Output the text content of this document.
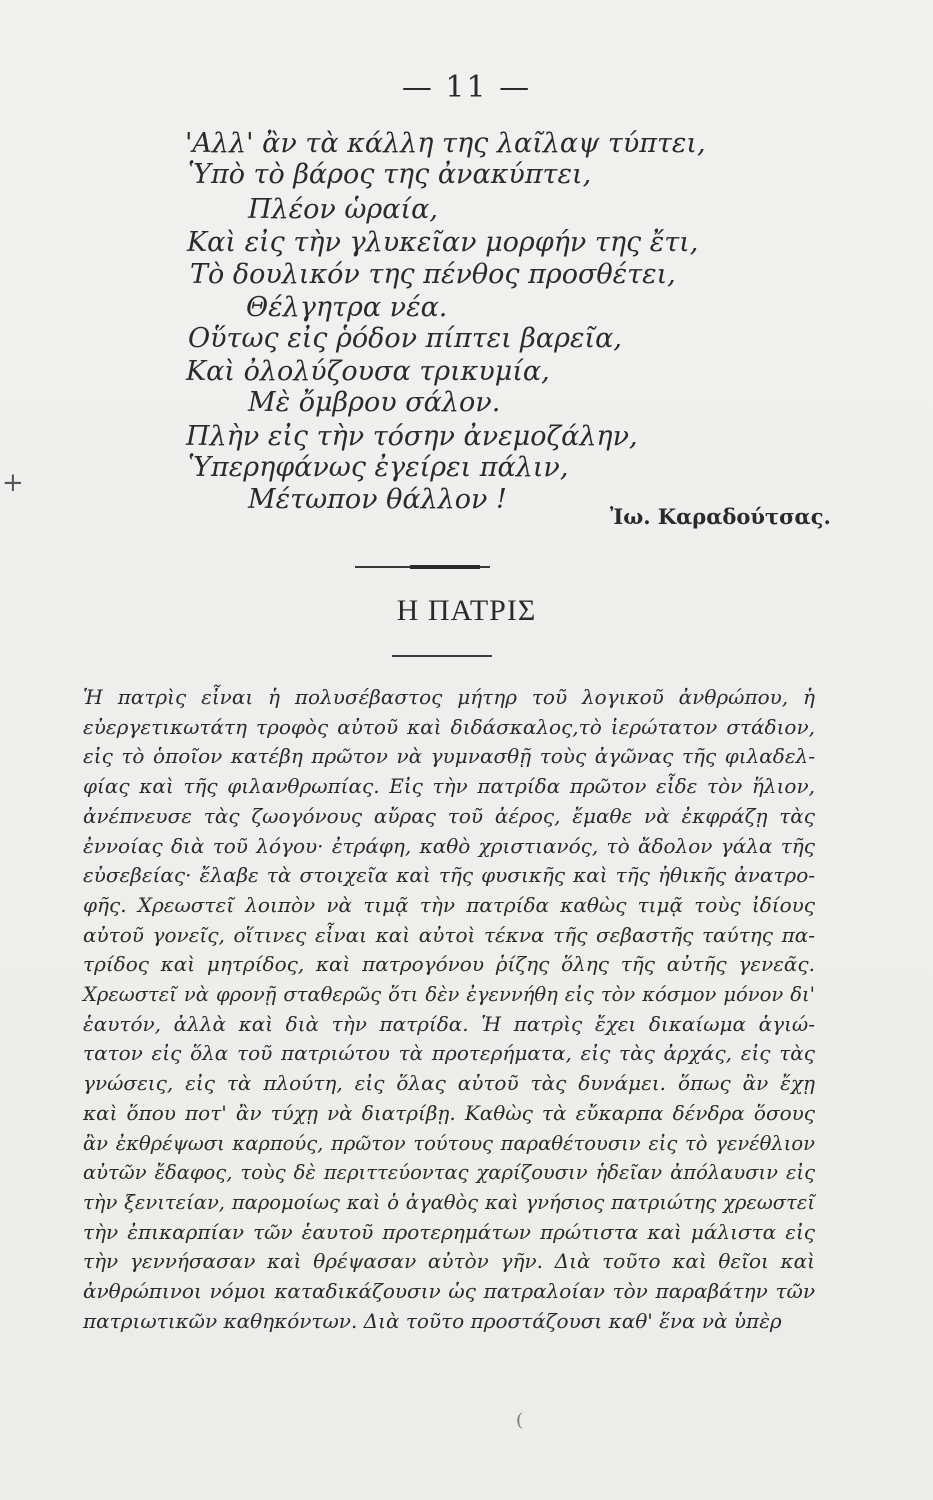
— 11 —
'Αλλ' ἂν τὰ κάλλη της λαῖλαψ τύπτει,
Ὑπὸ τὸ βάρος της ἀνακύπτει,
Πλέον ὡραία,
Καὶ εἰς τὴν γλυκεῖαν μορφήν της ἔτι,
Τὸ δουλικόν της πένθος προσθέτει,
Θέλγητρα νέα.
Οὕτως εἰς ῥόδον πίπτει βαρεῖα,
Καὶ ὀλολύζουσα τρικυμία,
Μὲ ὄμβρου σάλον.
Πλὴν εἰς τὴν τόσην ἀνεμοζάλην,
Ὑπερηφάνως ἐγείρει πάλιν,
Μέτωπον θάλλον !
+
Ἰω. Καραδούτσας.
Η ΠΑΤΡΙΣ
Ἡ πατρὶς εἶναι ἡ πολυσέβαστος μήτηρ τοῦ λογικοῦ ἀνθρώπου, ἡ
εὐεργετικωτάτη τροφὸς αὐτοῦ καὶ διδάσκαλος,τὸ ἱερώτατον στάδιον,
εἰς τὸ ὁποῖον κατέβη πρῶτον νὰ γυμνασθῇ τοὺς ἀγῶνας τῆς φιλαδελ-
φίας καὶ τῆς φιλανθρωπίας. Εἰς τὴν πατρίδα πρῶτον εἶδε τὸν ἥλιον,
ἀνέπνευσε τὰς ζωογόνους αὔρας τοῦ ἀέρος, ἔμαθε νὰ ἐκφράζῃ τὰς
ἐννοίας διὰ τοῦ λόγου· ἐτράφη, καθὸ χριστιανός, τὸ ἄδολον γάλα τῆς
εὐσεβείας· ἔλαβε τὰ στοιχεῖα καὶ τῆς φυσικῆς καὶ τῆς ἠθικῆς ἀνατρο-
φῆς. Χρεωστεῖ λοιπὸν νὰ τιμᾷ τὴν πατρίδα καθὼς τιμᾷ τοὺς ἰδίους
αὐτοῦ γονεῖς, οἵτινες εἶναι καὶ αὐτοὶ τέκνα τῆς σεβαστῆς ταύτης πα-
τρίδος καὶ μητρίδος, καὶ πατρογόνου ῥίζης ὅλης τῆς αὐτῆς γενεᾶς.
Χρεωστεῖ νὰ φρονῇ σταθερῶς ὅτι δὲν ἐγεννήθη εἰς τὸν κόσμον μόνον δι'
ἑαυτόν, ἀλλὰ καὶ διὰ τὴν πατρίδα. Ἡ πατρὶς ἔχει δικαίωμα ἁγιώ-
τατον εἰς ὅλα τοῦ πατριώτου τὰ προτερήματα, εἰς τὰς ἀρχάς, εἰς τὰς
γνώσεις, εἰς τὰ πλούτη, εἰς ὅλας αὐτοῦ τὰς δυνάμει. ὅπως ἂν ἔχῃ
καὶ ὅπου ποτ' ἂν τύχῃ νὰ διατρίβῃ. Καθὼς τὰ εὔκαρπα δένδρα ὅσους
ἂν ἐκθρέψωσι καρπούς, πρῶτον τούτους παραθέτουσιν εἰς τὸ γενέθλιον
αὐτῶν ἔδαφος, τοὺς δὲ περιττεύοντας χαρίζουσιν ἡδεῖαν ἀπόλαυσιν εἰς
τὴν ξενιτείαν, παρομοίως καὶ ὁ ἀγαθὸς καὶ γνήσιος πατριώτης χρεωστεῖ
τὴν ἐπικαρπίαν τῶν ἑαυτοῦ προτερημάτων πρώτιστα καὶ μάλιστα εἰς
τὴν γεννήσασαν καὶ θρέψασαν αὐτὸν γῆν. Διὰ τοῦτο καὶ θεῖοι καὶ
ἀνθρώπινοι νόμοι καταδικάζουσιν ὡς πατραλοίαν τὸν παραβάτην τῶν
πατριωτικῶν καθηκόντων. Διὰ τοῦτο προστάζουσι καθ' ἕνα νὰ ὑπὲρ
(
